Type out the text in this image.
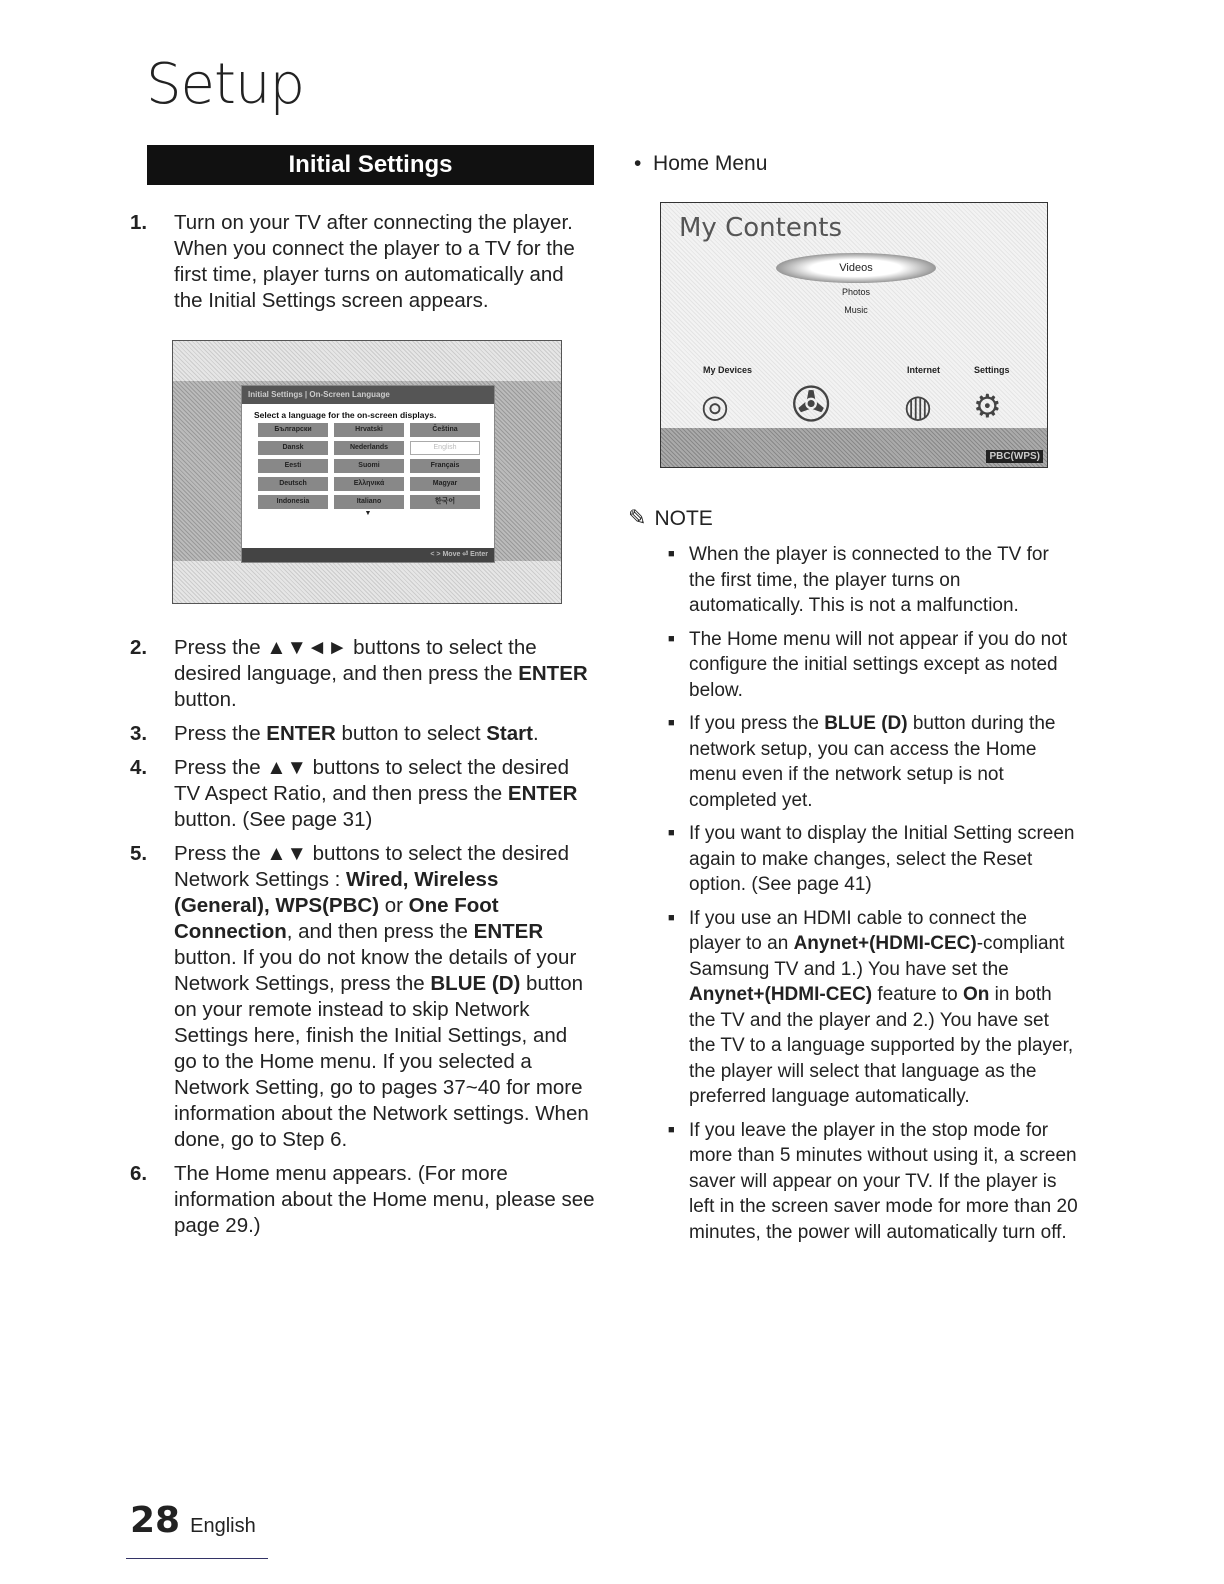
Setup
Initial Settings
1.	Turn on your TV after connecting the player. When you connect the player to a TV for the first time, player turns on automatically and the Initial Settings screen appears.
Initial Settings | On-Screen Language
Select a language for the on-screen displays.
Български	Hrvatski	Čeština
Dansk	Nederlands	English
Eesti	Suomi	Français
Deutsch	Ελληνικά	Magyar
Indonesia	Italiano	한국어
▼
< > Move ⏎ Enter
2.	Press the ▲▼◄► buttons to select the desired language, and then press the ENTER button.
3.	Press the ENTER button to select Start.
4.	Press the ▲▼ buttons to select the desired TV Aspect Ratio, and then press the ENTER button. (See page 31)
5.	Press the ▲▼ buttons to select the desired Network Settings : Wired, Wireless (General), WPS(PBC) or One Foot Connection, and then press the ENTER button. If you do not know the details of your Network Settings, press the BLUE (D) button on your remote instead to skip Network Settings here, finish the Initial Settings, and go to the Home menu. If you selected a Network Setting, go to pages 37~40 for more information about the Network settings. When done, go to Step 6.
6.	The Home menu appears. (For more information about the Home menu, please see page 29.)
•  Home Menu
My Contents
Videos
Photos
Music
My Devices	Internet	Settings
◎ ✇ ◍ ⚙
PBC(WPS)
✎ NOTE
■ When the player is connected to the TV for the first time, the player turns on automatically. This is not a malfunction.
■ The Home menu will not appear if you do not configure the initial settings except as noted below.
■ If you press the BLUE (D) button during the network setup, you can access the Home menu even if the network setup is not completed yet.
■ If you want to display the Initial Setting screen again to make changes, select the Reset option. (See page 41)
■ If you use an HDMI cable to connect the player to an Anynet+(HDMI-CEC)-compliant Samsung TV and 1.) You have set the Anynet+(HDMI-CEC) feature to On in both the TV and the player and 2.) You have set the TV to a language supported by the player, the player will select that language as the preferred language automatically.
■ If you leave the player in the stop mode for more than 5 minutes without using it, a screen saver will appear on your TV. If the player is left in the screen saver mode for more than 20 minutes, the power will automatically turn off.
28 English
